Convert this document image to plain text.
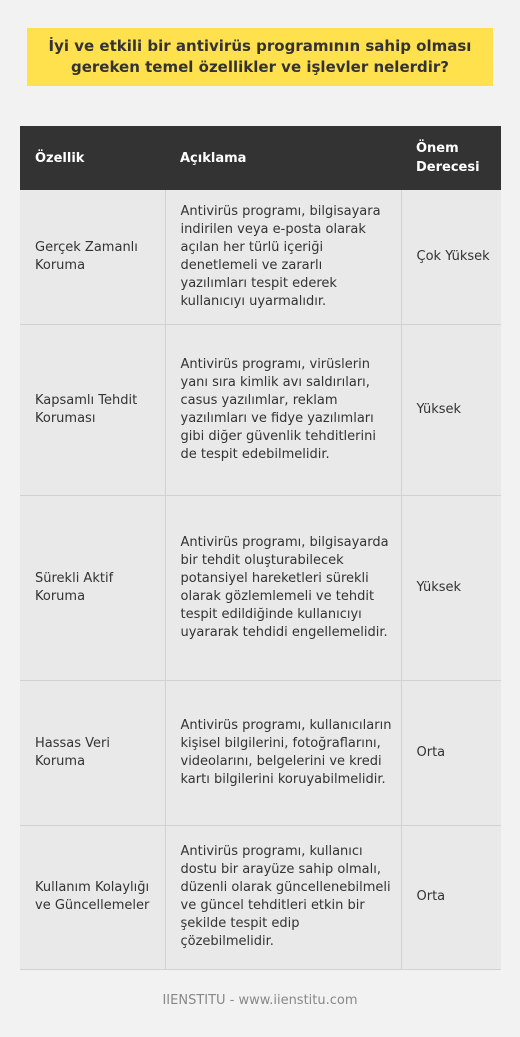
İyi ve etkili bir antivirüs programının sahip olması gereken temel özellikler ve işlevler nelerdir?
Özellik	Açıklama	Önem Derecesi
Gerçek Zamanlı Koruma	Antivirüs programı, bilgisayara indirilen veya e-posta olarak açılan her türlü içeriği denetlemeli ve zararlı yazılımları tespit ederek kullanıcıyı uyarmalıdır.	Çok Yüksek
Kapsamlı Tehdit Koruması	Antivirüs programı, virüslerin yanı sıra kimlik avı saldırıları, casus yazılımlar, reklam yazılımları ve fidye yazılımları gibi diğer güvenlik tehditlerini de tespit edebilmelidir.	Yüksek
Sürekli Aktif Koruma	Antivirüs programı, bilgisayarda bir tehdit oluşturabilecek potansiyel hareketleri sürekli olarak gözlemlemeli ve tehdit tespit edildiğinde kullanıcıyı uyararak tehdidi engellemelidir.	Yüksek
Hassas Veri Koruma	Antivirüs programı, kullanıcıların kişisel bilgilerini, fotoğraflarını, videolarını, belgelerini ve kredi kartı bilgilerini koruyabilmelidir.	Orta
Kullanım Kolaylığı ve Güncellemeler	Antivirüs programı, kullanıcı dostu bir arayüze sahip olmalı, düzenli olarak güncellenebilmeli ve güncel tehditleri etkin bir şekilde tespit edip çözebilmelidir.	Orta
IIENSTITU - www.iienstitu.com
